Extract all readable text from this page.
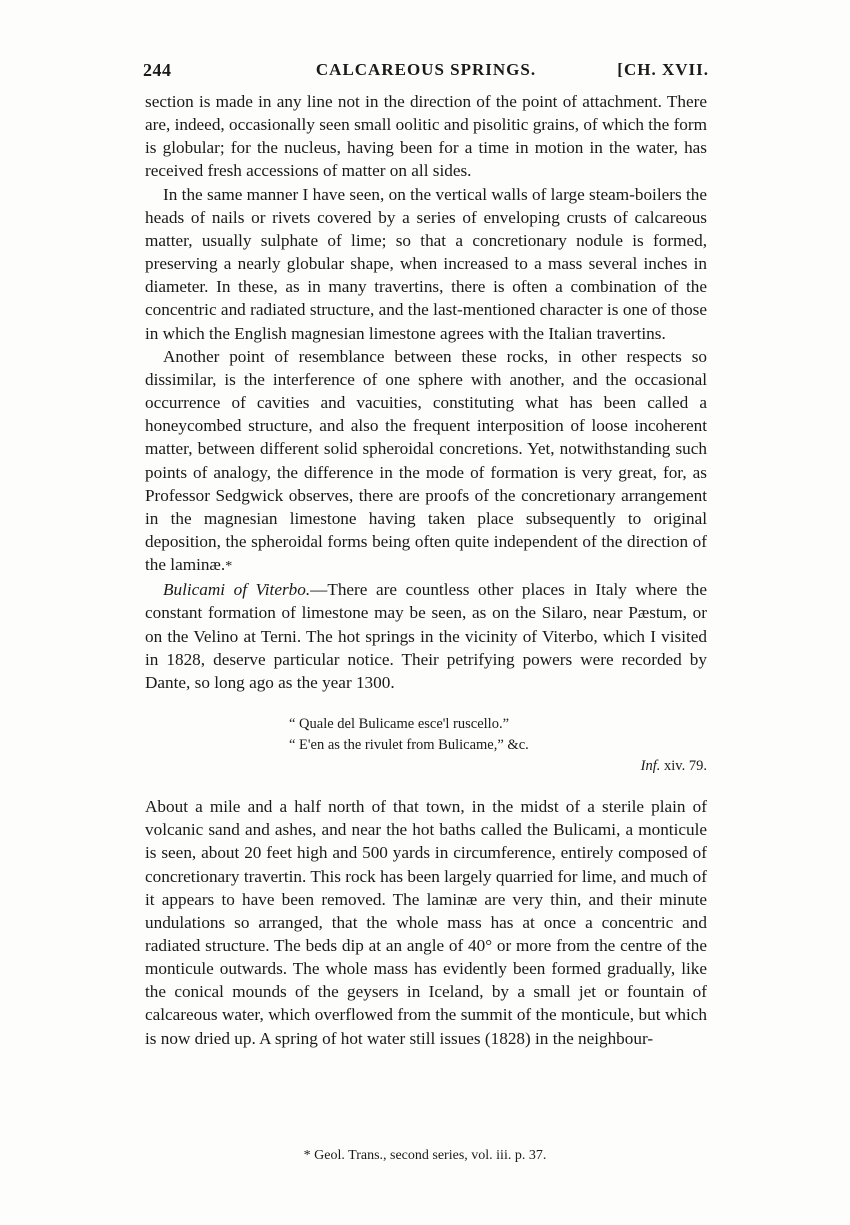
244	CALCAREOUS SPRINGS.	[CH. XVII.

section is made in any line not in the direction of the point of attachment. There are, indeed, occasionally seen small oolitic and pisolitic grains, of which the form is globular; for the nucleus, having been for a time in motion in the water, has received fresh accessions of matter on all sides.

In the same manner I have seen, on the vertical walls of large steam-boilers the heads of nails or rivets covered by a series of enveloping crusts of calcareous matter, usually sulphate of lime; so that a concretionary nodule is formed, preserving a nearly globular shape, when increased to a mass several inches in diameter. In these, as in many travertins, there is often a combination of the concentric and radiated structure, and the last-mentioned character is one of those in which the English magnesian limestone agrees with the Italian travertins.

Another point of resemblance between these rocks, in other respects so dissimilar, is the interference of one sphere with another, and the occasional occurrence of cavities and vacuities, constituting what has been called a honeycombed structure, and also the frequent interposition of loose incoherent matter, between different solid spheroidal concretions. Yet, notwithstanding such points of analogy, the difference in the mode of formation is very great, for, as Professor Sedgwick observes, there are proofs of the concretionary arrangement in the magnesian limestone having taken place subsequently to original deposition, the spheroidal forms being often quite independent of the direction of the laminæ.*

Bulicami of Viterbo.—There are countless other places in Italy where the constant formation of limestone may be seen, as on the Silaro, near Pæstum, or on the Velino at Terni. The hot springs in the vicinity of Viterbo, which I visited in 1828, deserve particular notice. Their petrifying powers were recorded by Dante, so long ago as the year 1300.

“ Quale del Bulicame esce'l ruscello.”
“ E'en as the rivulet from Bulicame,” &c.
Inf. xiv. 79.

About a mile and a half north of that town, in the midst of a sterile plain of volcanic sand and ashes, and near the hot baths called the Bulicami, a monticule is seen, about 20 feet high and 500 yards in circumference, entirely composed of concretionary travertin. This rock has been largely quarried for lime, and much of it appears to have been removed. The laminæ are very thin, and their minute undulations so arranged, that the whole mass has at once a concentric and radiated structure. The beds dip at an angle of 40° or more from the centre of the monticule outwards. The whole mass has evidently been formed gradually, like the conical mounds of the geysers in Iceland, by a small jet or fountain of calcareous water, which overflowed from the summit of the monticule, but which is now dried up. A spring of hot water still issues (1828) in the neighbour-

* Geol. Trans., second series, vol. iii. p. 37.
